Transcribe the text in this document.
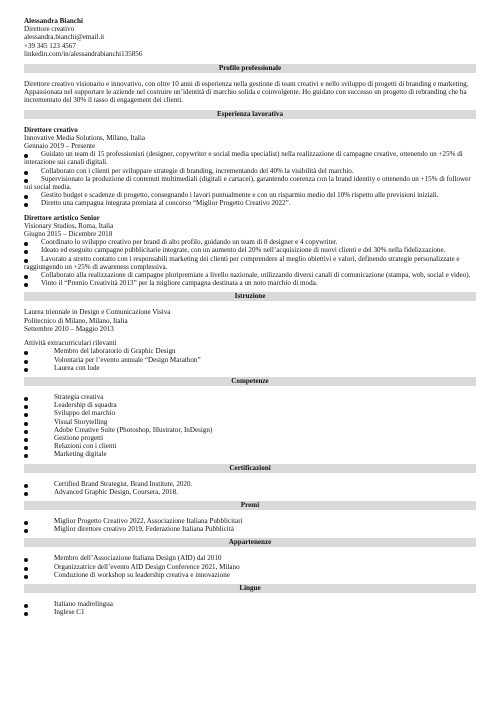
Alessandra Bianchi
Direttore creativo
alessandra.bianchi@email.it
+39 345 123 4567
linkedin.com/in/alessandrabianchi135856
Profilo professionale

Direttore creativo visionario e innovativo, con oltre 10 anni di esperienza nella gestione di team creativi e nello sviluppo di progetti di branding e marketing. Appassionata nel supportare le aziende nel costruire un’identità di marchio solida e coinvolgente. Ho guidato con successo un progetto di rebranding che ha incrementato del 30% il tasso di engagement dei clienti.

Esperienza lavorativa
Direttore creativo
Innovative Media Solutions, Milano, Italia
Gennaio 2019 – Presente
Guidato un team di 15 professionisti (designer, copywriter e social media specialist) nella realizzazione di campagne creative, ottenendo un +25% di interazione sui canali digitali.
Collaborato con i clienti per sviluppare strategie di branding, incrementando del 40% la visibilità del marchio.
Supervisionato la produzione di contenuti multimediali (digitali e cartacei), garantendo coerenza con la brand identity e ottenendo un +15% di follower sui social media.
Gestito budget e scadenze di progetto, consegnando i lavori puntualmente e con un risparmio medio del 10% rispetto alle previsioni iniziali.
Diretto una campagna integrata premiata al concorso “Miglior Progetto Creativo 2022”.
Direttore artistico Senior
Visionary Studios, Roma, Italia
Giugno 2015 – Dicembre 2018
Coordinato lo sviluppo creativo per brand di alto profilo, guidando un team di 8 designer e 4 copywriter.
Ideato ed eseguito campagne pubblicitarie integrate, con un aumento del 20% nell’acquisizione di nuovi clienti e del 30% nella fidelizzazione.
Lavorato a stretto contatto con i responsabili marketing dei clienti per comprendere al meglio obiettivi e valori, definendo strategie personalizzate e raggiungendo un +25% di awareness complessiva.
Collaborato alla realizzazione di campagne pluripremiate a livello nazionale, utilizzando diversi canali di comunicazione (stampa, web, social e video).
Vinto il “Premio Creatività 2013” per la migliore campagna destinata a un noto marchio di moda.
Istruzione
Laurea triennale in Design e Comunicazione Visiva
Politecnico di Milano, Milano, Italia
Settembre 2010 – Maggio 2013
Attività extracurriculari rilevanti
Membro del laboratorio di Graphic Design
Volontaria per l’evento annuale “Design Marathon”
Laurea con lode
Competenze
Strategia creativa
Leadership di squadra
Sviluppo del marchio
Visual Storytelling
Adobe Creative Suite (Photoshop, Illustrator, InDesign)
Gestione progetti
Relazioni con i clienti
Marketing digitale
Certificazioni
Certified Brand Strategist, Brand Institute, 2020.
Advanced Graphic Design, Coursera, 2018.
Premi
Miglior Progetto Creativo 2022, Associazione Italiana Pubblicitari
Miglior direttore creativo 2019, Federazione Italiana Pubblicità
Appartenenze
Membro dell’Associazione Italiana Design (AID) dal 2010
Organizzatrice dell’evento AID Design Conference 2021, Milano
Conduzione di workshop su leadership creativa e innovazione
Lingue
Italiano madrelingua
Inglese C1
